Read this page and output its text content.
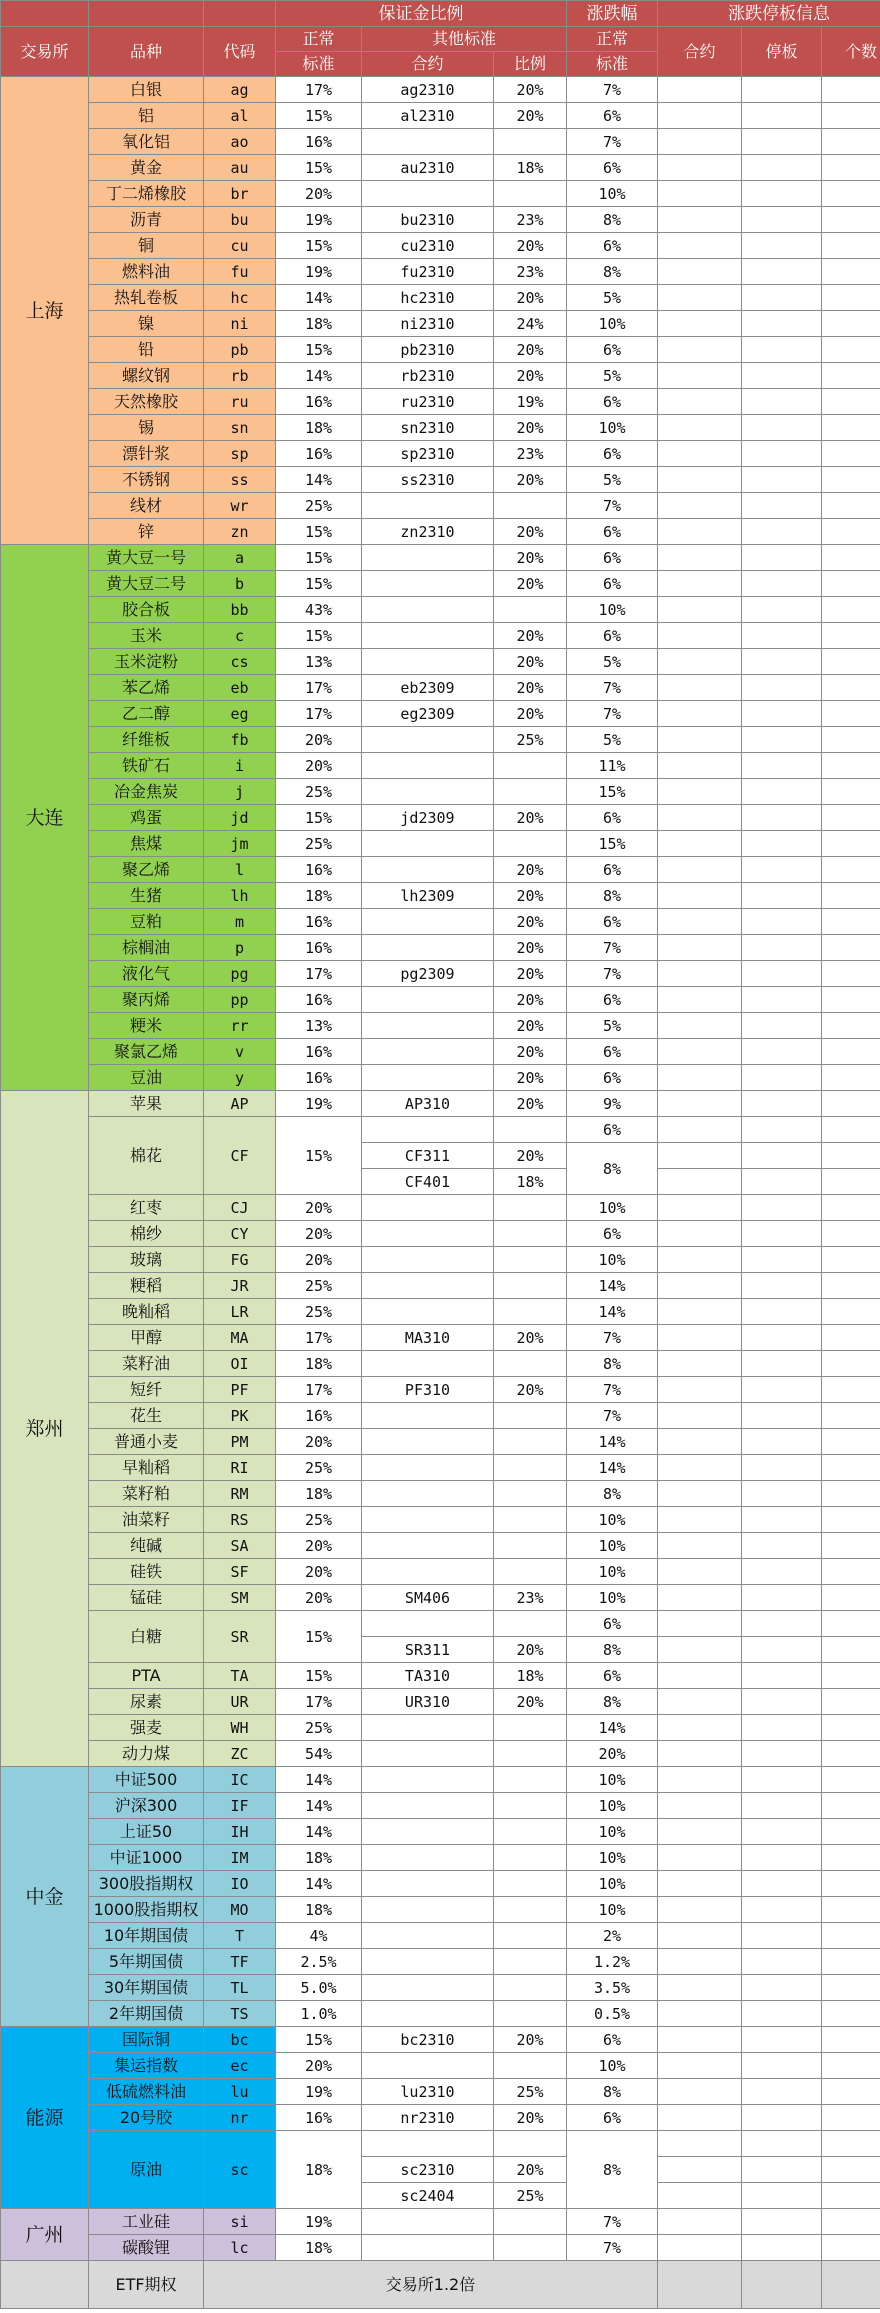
			保证金比例			涨跌幅	涨跌停板信息		
交易所	品种	代码	正常	其他标准		正常	合约	停板	个数
			标准	合约	比例	标准			
上海	白银	ag	17%	ag2310	20%	7%			
	铝	al	15%	al2310	20%	6%			
	氧化铝	ao	16%			7%			
	黄金	au	15%	au2310	18%	6%			
	丁二烯橡胶	br	20%			10%			
	沥青	bu	19%	bu2310	23%	8%			
	铜	cu	15%	cu2310	20%	6%			
	燃料油	fu	19%	fu2310	23%	8%			
	热轧卷板	hc	14%	hc2310	20%	5%			
	镍	ni	18%	ni2310	24%	10%			
	铅	pb	15%	pb2310	20%	6%			
	螺纹钢	rb	14%	rb2310	20%	5%			
	天然橡胶	ru	16%	ru2310	19%	6%			
	锡	sn	18%	sn2310	20%	10%			
	漂针浆	sp	16%	sp2310	23%	6%			
	不锈钢	ss	14%	ss2310	20%	5%			
	线材	wr	25%			7%			
	锌	zn	15%	zn2310	20%	6%			
大连	黄大豆一号	a	15%		20%	6%			
	黄大豆二号	b	15%		20%	6%			
	胶合板	bb	43%			10%			
	玉米	c	15%		20%	6%			
	玉米淀粉	cs	13%		20%	5%			
	苯乙烯	eb	17%	eb2309	20%	7%			
	乙二醇	eg	17%	eg2309	20%	7%			
	纤维板	fb	20%		25%	5%			
	铁矿石	i	20%			11%			
	冶金焦炭	j	25%			15%			
	鸡蛋	jd	15%	jd2309	20%	6%			
	焦煤	jm	25%			15%			
	聚乙烯	l	16%		20%	6%			
	生猪	lh	18%	lh2309	20%	8%			
	豆粕	m	16%		20%	6%			
	棕榈油	p	16%		20%	7%			
	液化气	pg	17%	pg2309	20%	7%			
	聚丙烯	pp	16%		20%	6%			
	粳米	rr	13%		20%	5%			
	聚氯乙烯	v	16%		20%	6%			
	豆油	y	16%		20%	6%			
郑州	苹果	AP	19%	AP310	20%	9%			
	棉花	CF	15%			6%			
				CF311	20%	8%			
				CF401	18%				
	红枣	CJ	20%			10%			
	棉纱	CY	20%			6%			
	玻璃	FG	20%			10%			
	粳稻	JR	25%			14%			
	晚籼稻	LR	25%			14%			
	甲醇	MA	17%	MA310	20%	7%			
	菜籽油	OI	18%			8%			
	短纤	PF	17%	PF310	20%	7%			
	花生	PK	16%			7%			
	普通小麦	PM	20%			14%			
	早籼稻	RI	25%			14%			
	菜籽粕	RM	18%			8%			
	油菜籽	RS	25%			10%			
	纯碱	SA	20%			10%			
	硅铁	SF	20%			10%			
	锰硅	SM	20%	SM406	23%	10%			
	白糖	SR	15%			6%			
				SR311	20%	8%			
	PTA	TA	15%	TA310	18%	6%			
	尿素	UR	17%	UR310	20%	8%			
	强麦	WH	25%			14%			
	动力煤	ZC	54%			20%			
中金	中证500	IC	14%			10%			
	沪深300	IF	14%			10%			
	上证50	IH	14%			10%			
	中证1000	IM	18%			10%			
	300股指期权	IO	14%			10%			
	1000股指期权	MO	18%			10%			
	10年期国债	T	4%			2%			
	5年期国债	TF	2.5%			1.2%			
	30年期国债	TL	5.0%			3.5%			
	2年期国债	TS	1.0%			0.5%			
能源	国际铜	bc	15%	bc2310	20%	6%			
	集运指数	ec	20%			10%			
	低硫燃料油	lu	19%	lu2310	25%	8%			
	20号胶	nr	16%	nr2310	20%	6%			
	原油	sc	18%			8%			
				sc2310	20%				
				sc2404	25%				
广州	工业硅	si	19%			7%			
	碳酸锂	lc	18%			7%			
	ETF期权	交易所1.2倍							
